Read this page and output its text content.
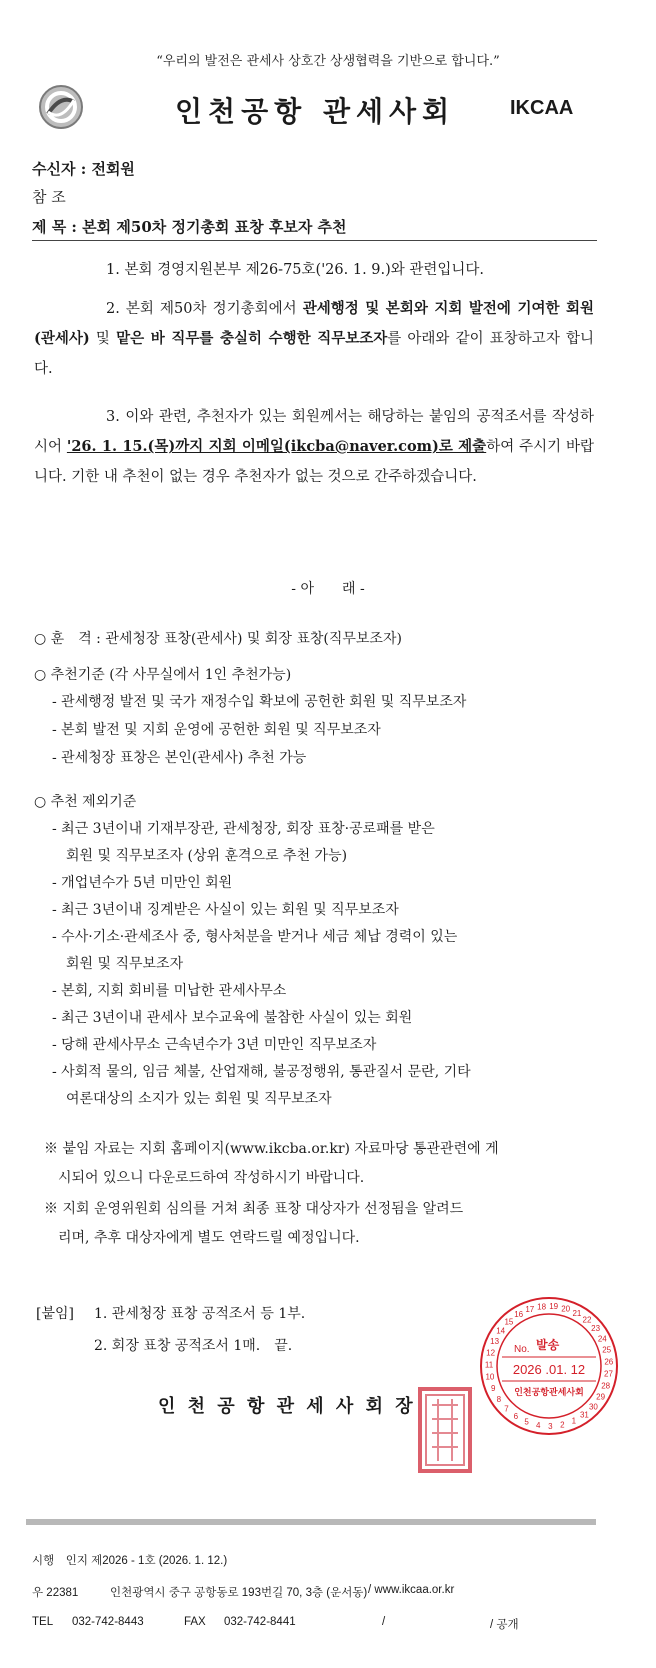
“우리의 발전은 관세사 상호간 상생협력을 기반으로 합니다.”
인천공항 관세사회	IKCAA
수신자 : 전회원
참 조
제 목 : 본회 제50차 정기총회 표창 후보자 추천
1. 본회 경영지원본부 제26-75호('26. 1. 9.)와 관련입니다.
2. 본회 제50차 정기총회에서 관세행정 및 본회와 지회 발전에 기여한 회원(관세사) 및 맡은 바 직무를 충실히 수행한 직무보조자를 아래와 같이 표창하고자 합니다.
3. 이와 관련, 추천자가 있는 회원께서는 해당하는 붙임의 공적조서를 작성하시어 '26. 1. 15.(목)까지 지회 이메일(ikcba@naver.com)로 제출하여 주시기 바랍니다. 기한 내 추천이 없는 경우 추천자가 없는 것으로 간주하겠습니다.
- 아　　래 -
○ 훈　격 : 관세청장 표창(관세사) 및 회장 표창(직무보조자)
○ 추천기준 (각 사무실에서 1인 추천가능)
- 관세행정 발전 및 국가 재정수입 확보에 공헌한 회원 및 직무보조자
- 본회 발전 및 지회 운영에 공헌한 회원 및 직무보조자
- 관세청장 표창은 본인(관세사) 추천 가능
○ 추천 제외기준
- 최근 3년이내 기재부장관, 관세청장, 회장 표창·공로패를 받은
　회원 및 직무보조자 (상위 훈격으로 추천 가능)
- 개업년수가 5년 미만인 회원
- 최근 3년이내 징계받은 사실이 있는 회원 및 직무보조자
- 수사·기소·관세조사 중, 형사처분을 받거나 세금 체납 경력이 있는
　회원 및 직무보조자
- 본회, 지회 회비를 미납한 관세사무소
- 최근 3년이내 관세사 보수교육에 불참한 사실이 있는 회원
- 당해 관세사무소 근속년수가 3년 미만인 직무보조자
- 사회적 물의, 임금 체불, 산업재해, 불공정행위, 통관질서 문란, 기타
　여론대상의 소지가 있는 회원 및 직무보조자
※ 붙임 자료는 지회 홈페이지(www.ikcba.or.kr) 자료마당 통관관련에 게
　시되어 있으니 다운로드하여 작성하시기 바랍니다.
※ 지회 운영위원회 심의를 거쳐 최종 표창 대상자가 선정됨을 알려드
　리며, 추후 대상자에게 별도 연락드릴 예정입니다.
[붙임] 1. 관세청장 표창 공적조서 등 1부.
2. 회장 표창 공적조서 1매.　끝.
인 천 공 항 관 세 사 회 장
10
11
12
13
14
15
16
17 18 19 20 21
22
23
24
25
26
27
28
29
30
31
1
2
3
4
5
6
7
8
9
No. 발송
2026 .01. 12
인천공항관세사회
시행　인지 제2026 - 1호 (2026. 1. 12.)
우 22381	인천광역시 중구 공항동로 193번길 70, 3층 (운서동) / www.ikcaa.or.kr
TEL 032-742-8443	FAX 032-742-8441	/	/ 공개
